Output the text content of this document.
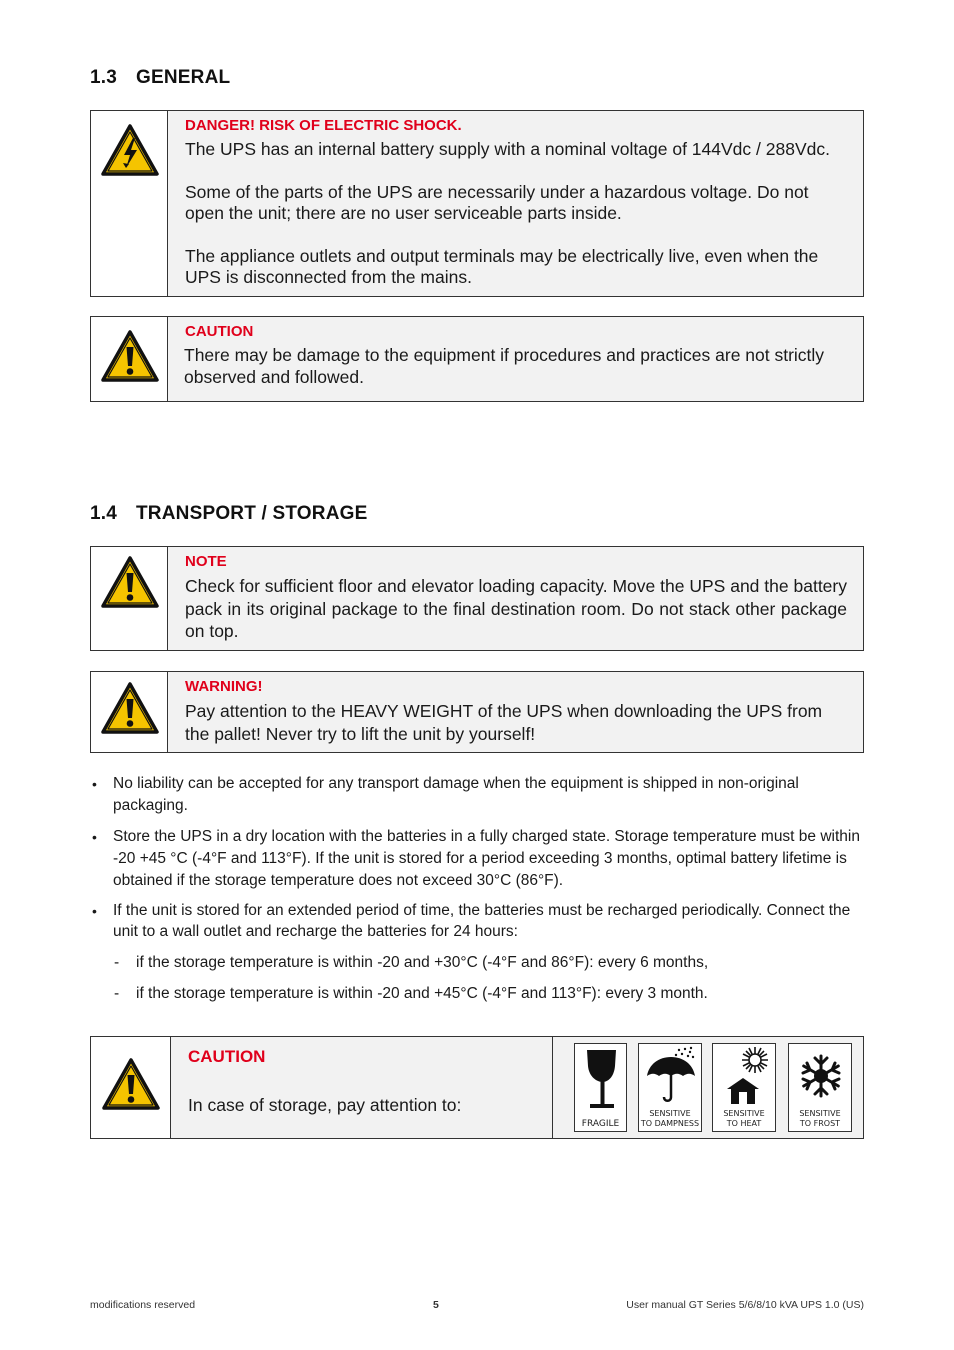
1.3 GENERAL
DANGER! RISK OF ELECTRIC SHOCK.

The UPS has an internal battery supply with a nominal voltage of 144Vdc / 288Vdc.

Some of the parts of the UPS are necessarily under a hazardous voltage. Do not open the unit; there are no user serviceable parts inside.

The appliance outlets and output terminals may be electrically live, even when the UPS is disconnected from the mains.

CAUTION
There may be damage to the equipment if procedures and practices are not strictly observed and followed.
1.4 TRANSPORT / STORAGE
NOTE
Check for sufficient floor and elevator loading capacity. Move the UPS and the battery pack in its original package to the final destination room. Do not stack other package on top.
WARNING!
Pay attention to the HEAVY WEIGHT of the UPS when downloading the UPS from the pallet! Never try to lift the unit by yourself!
• No liability can be accepted for any transport damage when the equipment is shipped in non-original packaging.
• Store the UPS in a dry location with the batteries in a fully charged state. Storage temperature must be within -20 +45 °C (-4°F and 113°F). If the unit is stored for a period exceeding 3 months, optimal battery lifetime is obtained if the storage temperature does not exceed 30°C (86°F).
• If the unit is stored for an extended period of time, the batteries must be recharged periodically. Connect the unit to a wall outlet and recharge the batteries for 24 hours:
- if the storage temperature is within -20 and +30°C (-4°F and 86°F): every 6 months,
- if the storage temperature is within -20 and +45°C (-4°F and 113°F): every 3 month.
CAUTION
In case of storage, pay attention to:
FRAGILE
SENSITIVE
TO DAMPNESS
SENSITIVE
TO HEAT
SENSITIVE
TO FROST
modifications reserved	5	User manual GT Series 5/6/8/10 kVA UPS 1.0 (US)
